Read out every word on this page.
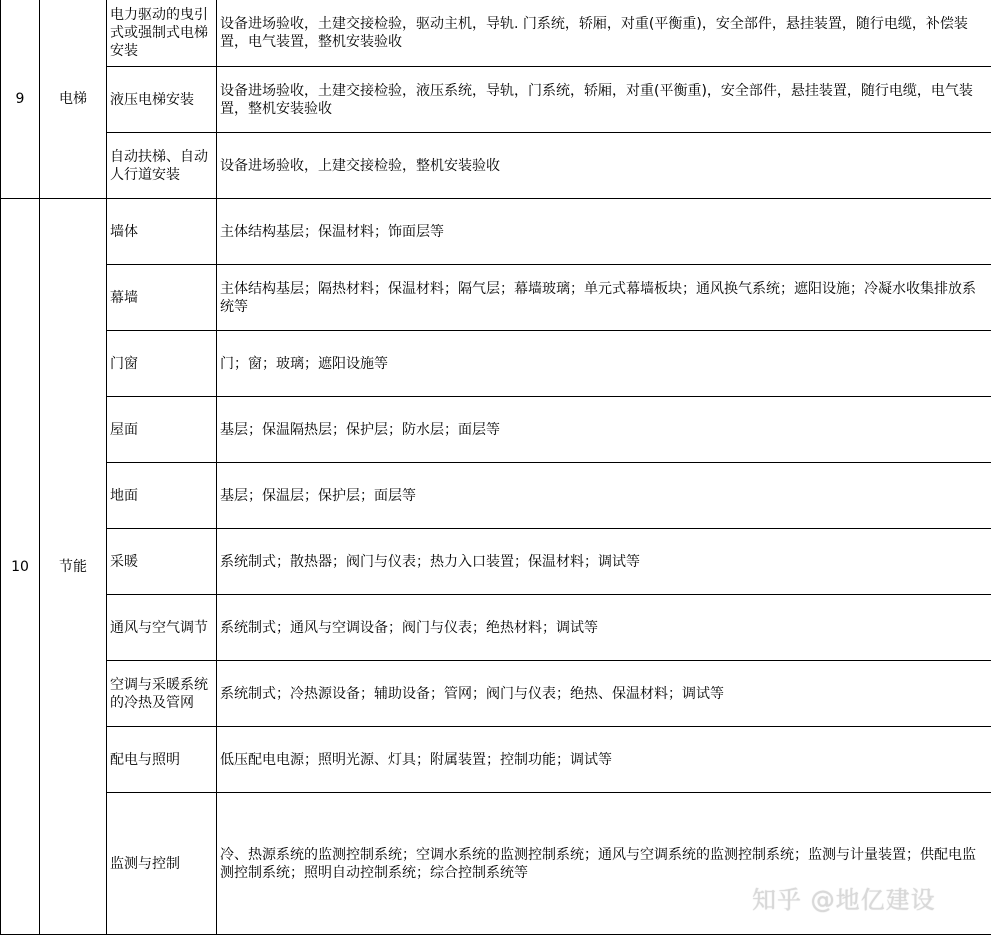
9	电梯	电力驱动的曳引式或强制式电梯安装	设备进场验收，土建交接检验，驱动主机，导轨. 门系统，轿厢，对重(平衡重)，安全部件，悬挂装置，随行电缆，补偿装置，电气装置，整机安装验收
		液压电梯安装	设备进场验收，土建交接检验，液压系统，导轨，门系统，轿厢，对重(平衡重)，安全部件，悬挂装置，随行电缆，电气装置，整机安装验收
		自动扶梯、自动人行道安装	设备进场验收，上建交接检验，整机安装验收
10	节能	墙体	主体结构基层；保温材料；饰面层等
		幕墙	主体结构基层；隔热材料；保温材料；隔气层；幕墙玻璃；单元式幕墙板块；通风换气系统；遮阳设施；冷凝水收集排放系统等
		门窗	门；窗；玻璃；遮阳设施等
		屋面	基层；保温隔热层；保护层；防水层；面层等
		地面	基层；保温层；保护层；面层等
		采暖	系统制式；散热器；阀门与仪表；热力入口装置；保温材料；调试等
		通风与空气调节	系统制式；通风与空调设备；阀门与仪表；绝热材料；调试等
		空调与采暖系统的冷热及管网	系统制式；冷热源设备；辅助设备；管网；阀门与仪表；绝热、保温材料；调试等
		配电与照明	低压配电电源；照明光源、灯具；附属装置；控制功能；调试等
		监测与控制	冷、热源系统的监测控制系统；空调水系统的监测控制系统；通风与空调系统的监测控制系统；监测与计量装置；供配电监测控制系统；照明自动控制系统；综合控制系统等
知乎 @地亿建设
